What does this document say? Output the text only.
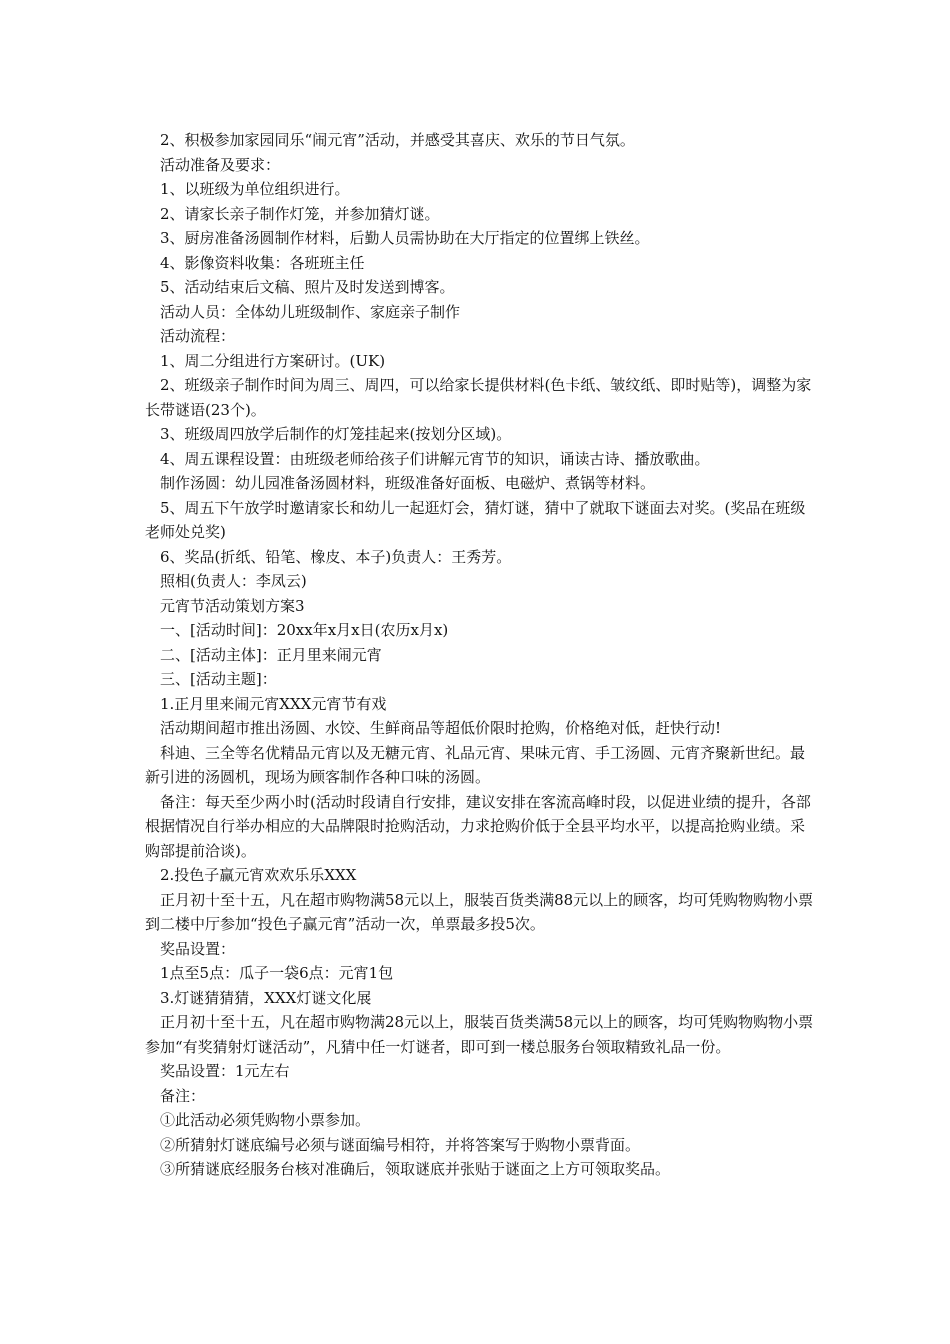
2、积极参加家园同乐“闹元宵”活动，并感受其喜庆、欢乐的节日气氛。

活动准备及要求：

1、以班级为单位组织进行。

2、请家长亲子制作灯笼，并参加猜灯谜。

3、厨房准备汤圆制作材料，后勤人员需协助在大厅指定的位置绑上铁丝。

4、影像资料收集：各班班主任

5、活动结束后文稿、照片及时发送到博客。

活动人员：全体幼儿班级制作、家庭亲子制作

活动流程：

1、周二分组进行方案研讨。(UK)

2、班级亲子制作时间为周三、周四，可以给家长提供材料(色卡纸、皱纹纸、即时贴等)，调整为家长带谜语(23个)。

3、班级周四放学后制作的灯笼挂起来(按划分区域)。

4、周五课程设置：由班级老师给孩子们讲解元宵节的知识，诵读古诗、播放歌曲。

制作汤圆：幼儿园准备汤圆材料，班级准备好面板、电磁炉、煮锅等材料。

5、周五下午放学时邀请家长和幼儿一起逛灯会，猜灯谜，猜中了就取下谜面去对奖。(奖品在班级老师处兑奖)

6、奖品(折纸、铅笔、橡皮、本子)负责人：王秀芳。

照相(负责人：李凤云)

元宵节活动策划方案3

一、[活动时间]：20xx年x月x日(农历x月x)

二、[活动主体]：正月里来闹元宵

三、[活动主题]：

1.正月里来闹元宵XXX元宵节有戏

活动期间超市推出汤圆、水饺、生鲜商品等超低价限时抢购，价格绝对低，赶快行动!

科迪、三全等名优精品元宵以及无糖元宵、礼品元宵、果味元宵、手工汤圆、元宵齐聚新世纪。最新引进的汤圆机，现场为顾客制作各种口味的汤圆。

备注：每天至少两小时(活动时段请自行安排，建议安排在客流高峰时段，以促进业绩的提升，各部根据情况自行举办相应的大品牌限时抢购活动，力求抢购价低于全县平均水平，以提高抢购业绩。采购部提前洽谈)。

2.投色子赢元宵欢欢乐乐XXX

正月初十至十五，凡在超市购物满58元以上，服装百货类满88元以上的顾客，均可凭购物购物小票到二楼中厅参加“投色子赢元宵”活动一次，单票最多投5次。

奖品设置：

1点至5点：瓜子一袋6点：元宵1包

3.灯谜猜猜猜，XXX灯谜文化展

正月初十至十五，凡在超市购物满28元以上，服装百货类满58元以上的顾客，均可凭购物购物小票参加“有奖猜射灯谜活动”，凡猜中任一灯谜者，即可到一楼总服务台领取精致礼品一份。

奖品设置：1元左右

备注：

①此活动必须凭购物小票参加。

②所猜射灯谜底编号必须与谜面编号相符，并将答案写于购物小票背面。

③所猜谜底经服务台核对准确后，领取谜底并张贴于谜面之上方可领取奖品。
